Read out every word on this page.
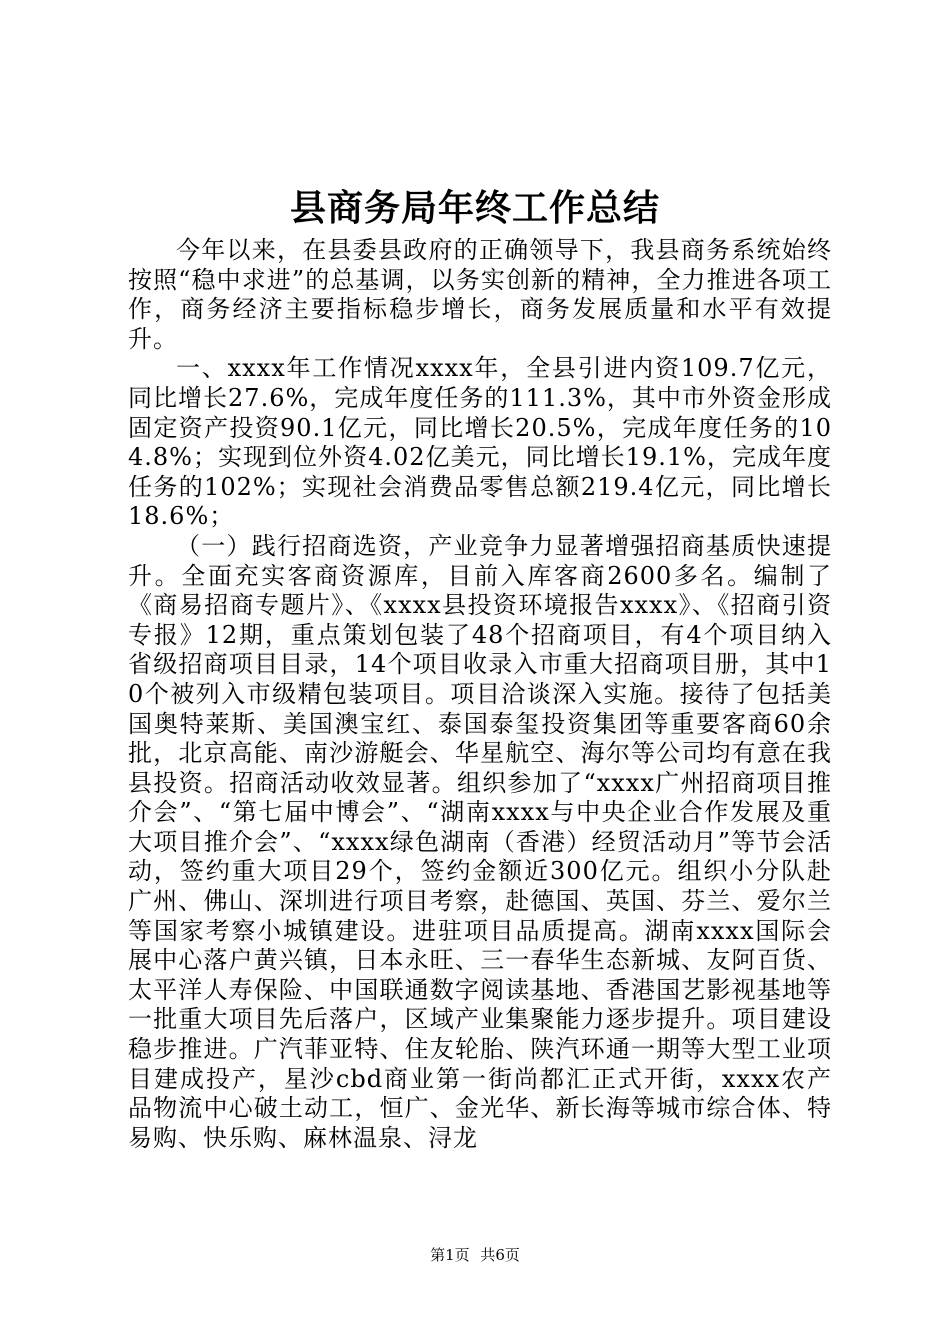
县商务局年终工作总结

今年以来，在县委县政府的正确领导下，我县商务系统始终按照“稳中求进”的总基调，以务实创新的精神，全力推进各项工作，商务经济主要指标稳步增长，商务发展质量和水平有效提升。

一、xxxx年工作情况xxxx年，全县引进内资109.7亿元，同比增长27.6%，完成年度任务的111.3%，其中市外资金形成固定资产投资90.1亿元，同比增长20.5%，完成年度任务的104.8%；实现到位外资4.02亿美元，同比增长19.1%，完成年度任务的102%；实现社会消费品零售总额219.4亿元，同比增长18.6%；

（一）践行招商选资，产业竞争力显著增强招商基质快速提升。全面充实客商资源库，目前入库客商2600多名。编制了《商易招商专题片》、《xxxx县投资环境报告xxxx》、《招商引资专报》12期，重点策划包装了48个招商项目，有4个项目纳入省级招商项目目录，14个项目收录入市重大招商项目册，其中10个被列入市级精包装项目。项目洽谈深入实施。接待了包括美国奥特莱斯、美国澳宝红、泰国泰玺投资集团等重要客商60余批，北京高能、南沙游艇会、华星航空、海尔等公司均有意在我县投资。招商活动收效显著。组织参加了“xxxx广州招商项目推介会”、“第七届中博会”、“湖南xxxx与中央企业合作发展及重大项目推介会”、“xxxx绿色湖南（香港）经贸活动月”等节会活动，签约重大项目29个，签约金额近300亿元。组织小分队赴广州、佛山、深圳进行项目考察，赴德国、英国、芬兰、爱尔兰等国家考察小城镇建设。进驻项目品质提高。湖南xxxx国际会展中心落户黄兴镇，日本永旺、三一春华生态新城、友阿百货、太平洋人寿保险、中国联通数字阅读基地、香港国艺影视基地等一批重大项目先后落户，区域产业集聚能力逐步提升。项目建设稳步推进。广汽菲亚特、住友轮胎、陕汽环通一期等大型工业项目建成投产，星沙cbd商业第一街尚都汇正式开街，xxxx农产品物流中心破土动工，恒广、金光华、新长海等城市综合体、特易购、快乐购、麻林温泉、浔龙

第1页 共6页
